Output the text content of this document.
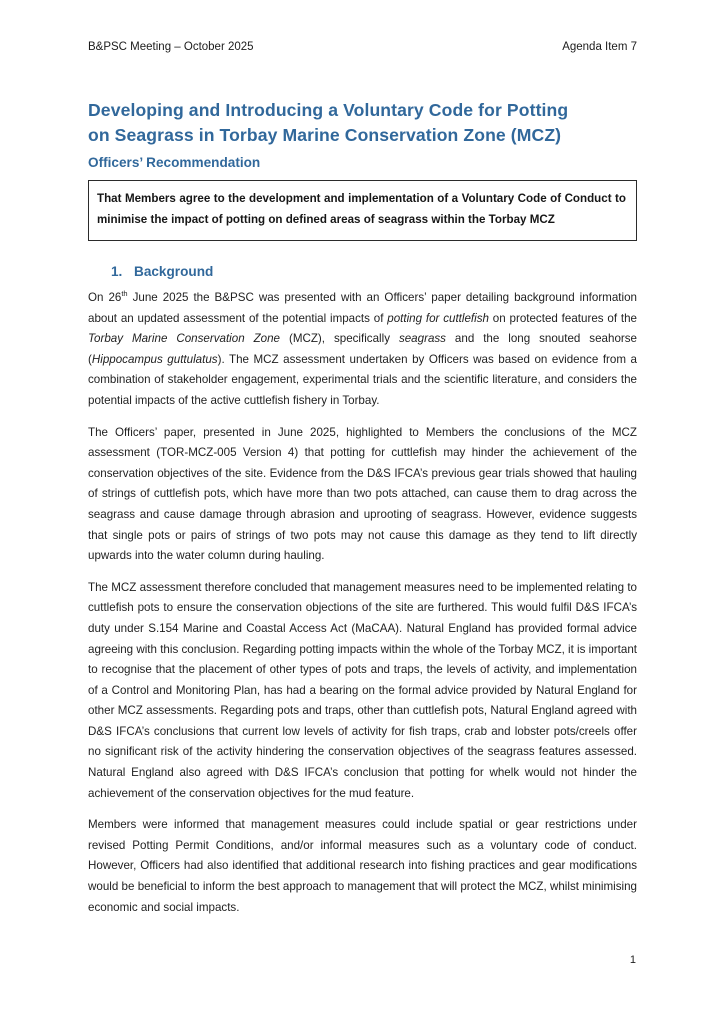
B&PSC Meeting – October 2025	Agenda Item 7
Developing and Introducing a Voluntary Code for Potting
on Seagrass in Torbay Marine Conservation Zone (MCZ)
Officers’ Recommendation

That Members agree to the development and implementation of a Voluntary Code of Conduct to minimise the impact of potting on defined areas of seagrass within the Torbay MCZ

1. Background

On 26th June 2025 the B&PSC was presented with an Officers’ paper detailing background information about an updated assessment of the potential impacts of potting for cuttlefish on protected features of the Torbay Marine Conservation Zone (MCZ), specifically seagrass and the long snouted seahorse (Hippocampus guttulatus). The MCZ assessment undertaken by Officers was based on evidence from a combination of stakeholder engagement, experimental trials and the scientific literature, and considers the potential impacts of the active cuttlefish fishery in Torbay.

The Officers’ paper, presented in June 2025, highlighted to Members the conclusions of the MCZ assessment (TOR-MCZ-005 Version 4) that potting for cuttlefish may hinder the achievement of the conservation objectives of the site. Evidence from the D&S IFCA’s previous gear trials showed that hauling of strings of cuttlefish pots, which have more than two pots attached, can cause them to drag across the seagrass and cause damage through abrasion and uprooting of seagrass. However, evidence suggests that single pots or pairs of strings of two pots may not cause this damage as they tend to lift directly upwards into the water column during hauling.

The MCZ assessment therefore concluded that management measures need to be implemented relating to cuttlefish pots to ensure the conservation objections of the site are furthered. This would fulfil D&S IFCA’s duty under S.154 Marine and Coastal Access Act (MaCAA). Natural England has provided formal advice agreeing with this conclusion. Regarding potting impacts within the whole of the Torbay MCZ, it is important to recognise that the placement of other types of pots and traps, the levels of activity, and implementation of a Control and Monitoring Plan, has had a bearing on the formal advice provided by Natural England for other MCZ assessments. Regarding pots and traps, other than cuttlefish pots, Natural England agreed with D&S IFCA’s conclusions that current low levels of activity for fish traps, crab and lobster pots/creels offer no significant risk of the activity hindering the conservation objectives of the seagrass features assessed. Natural England also agreed with D&S IFCA’s conclusion that potting for whelk would not hinder the achievement of the conservation objectives for the mud feature.

Members were informed that management measures could include spatial or gear restrictions under revised Potting Permit Conditions, and/or informal measures such as a voluntary code of conduct. However, Officers had also identified that additional research into fishing practices and gear modifications would be beneficial to inform the best approach to management that will protect the MCZ, whilst minimising economic and social impacts.

1
